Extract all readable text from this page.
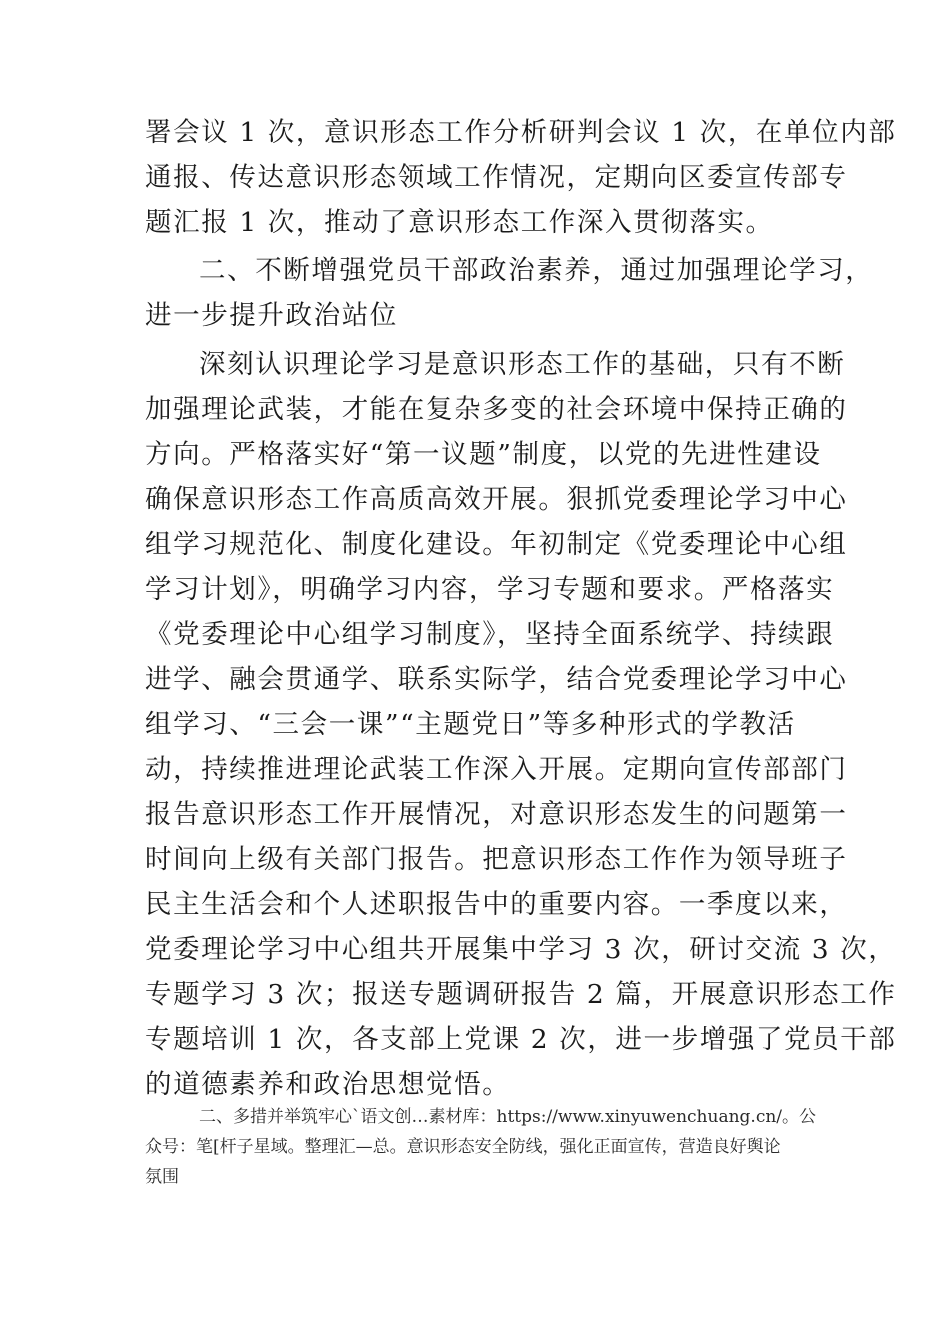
署会议 1 次，意识形态工作分析研判会议 1 次，在单位内部
通报、传达意识形态领域工作情况，定期向区委宣传部专
题汇报 1 次，推动了意识形态工作深入贯彻落实。
二、不断增强党员干部政治素养，通过加强理论学习，
进一步提升政治站位
深刻认识理论学习是意识形态工作的基础，只有不断
加强理论武装，才能在复杂多变的社会环境中保持正确的
方向。严格落实好“第一议题”制度，以党的先进性建设
确保意识形态工作高质高效开展。狠抓党委理论学习中心
组学习规范化、制度化建设。年初制定《党委理论中心组
学习计划》，明确学习内容，学习专题和要求。严格落实
《党委理论中心组学习制度》，坚持全面系统学、持续跟
进学、融会贯通学、联系实际学，结合党委理论学习中心
组学习、“三会一课”“主题党日”等多种形式的学教活
动，持续推进理论武装工作深入开展。定期向宣传部部门
报告意识形态工作开展情况，对意识形态发生的问题第一
时间向上级有关部门报告。把意识形态工作作为领导班子
民主生活会和个人述职报告中的重要内容。一季度以来，
党委理论学习中心组共开展集中学习 3 次，研讨交流 3 次，
专题学习 3 次；报送专题调研报告 2 篇，开展意识形态工作
专题培训 1 次，各支部上党课 2 次，进一步增强了党员干部
的道德素养和政治思想觉悟。
二、多措并举筑牢心`语文创…素材库：https://www.xinyuwenchuang.cn/。公
众号：笔[杆子星域。整理汇—总。意识形态安全防线，强化正面宣传，营造良好舆论
氛围
